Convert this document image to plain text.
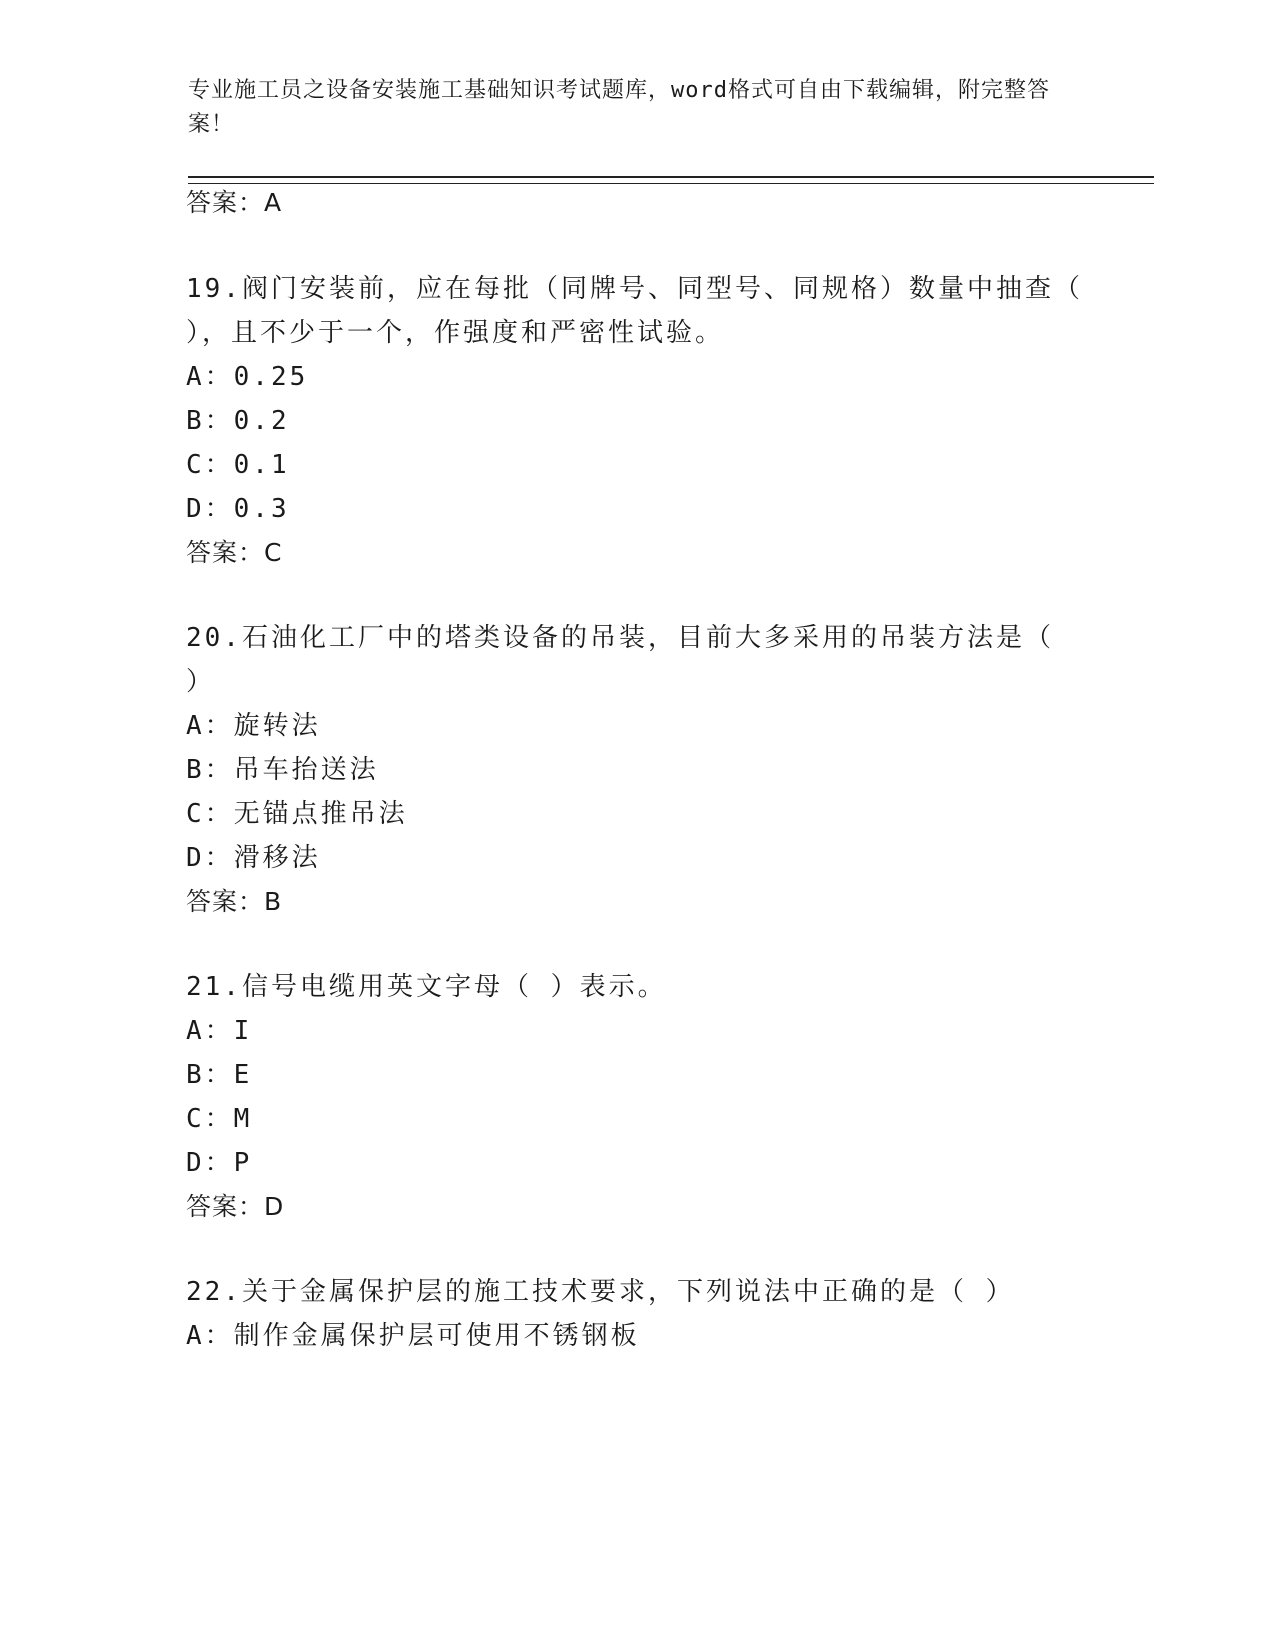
专业施工员之设备安装施工基础知识考试题库，word格式可自由下载编辑，附完整答案！
答案：A
19.阀门安装前，应在每批（同牌号、同型号、同规格）数量中抽查（
），且不少于一个，作强度和严密性试验。
A：0.25
B：0.2
C：0.1
D：0.3
答案：C
20.石油化工厂中的塔类设备的吊装，目前大多采用的吊装方法是（
）
A：旋转法
B：吊车抬送法
C：无锚点推吊法
D：滑移法
答案：B
21.信号电缆用英文字母（ ）表示。
A：I
B：E
C：M
D：P
答案：D
22.关于金属保护层的施工技术要求，下列说法中正确的是（ ）
A：制作金属保护层可使用不锈钢板
